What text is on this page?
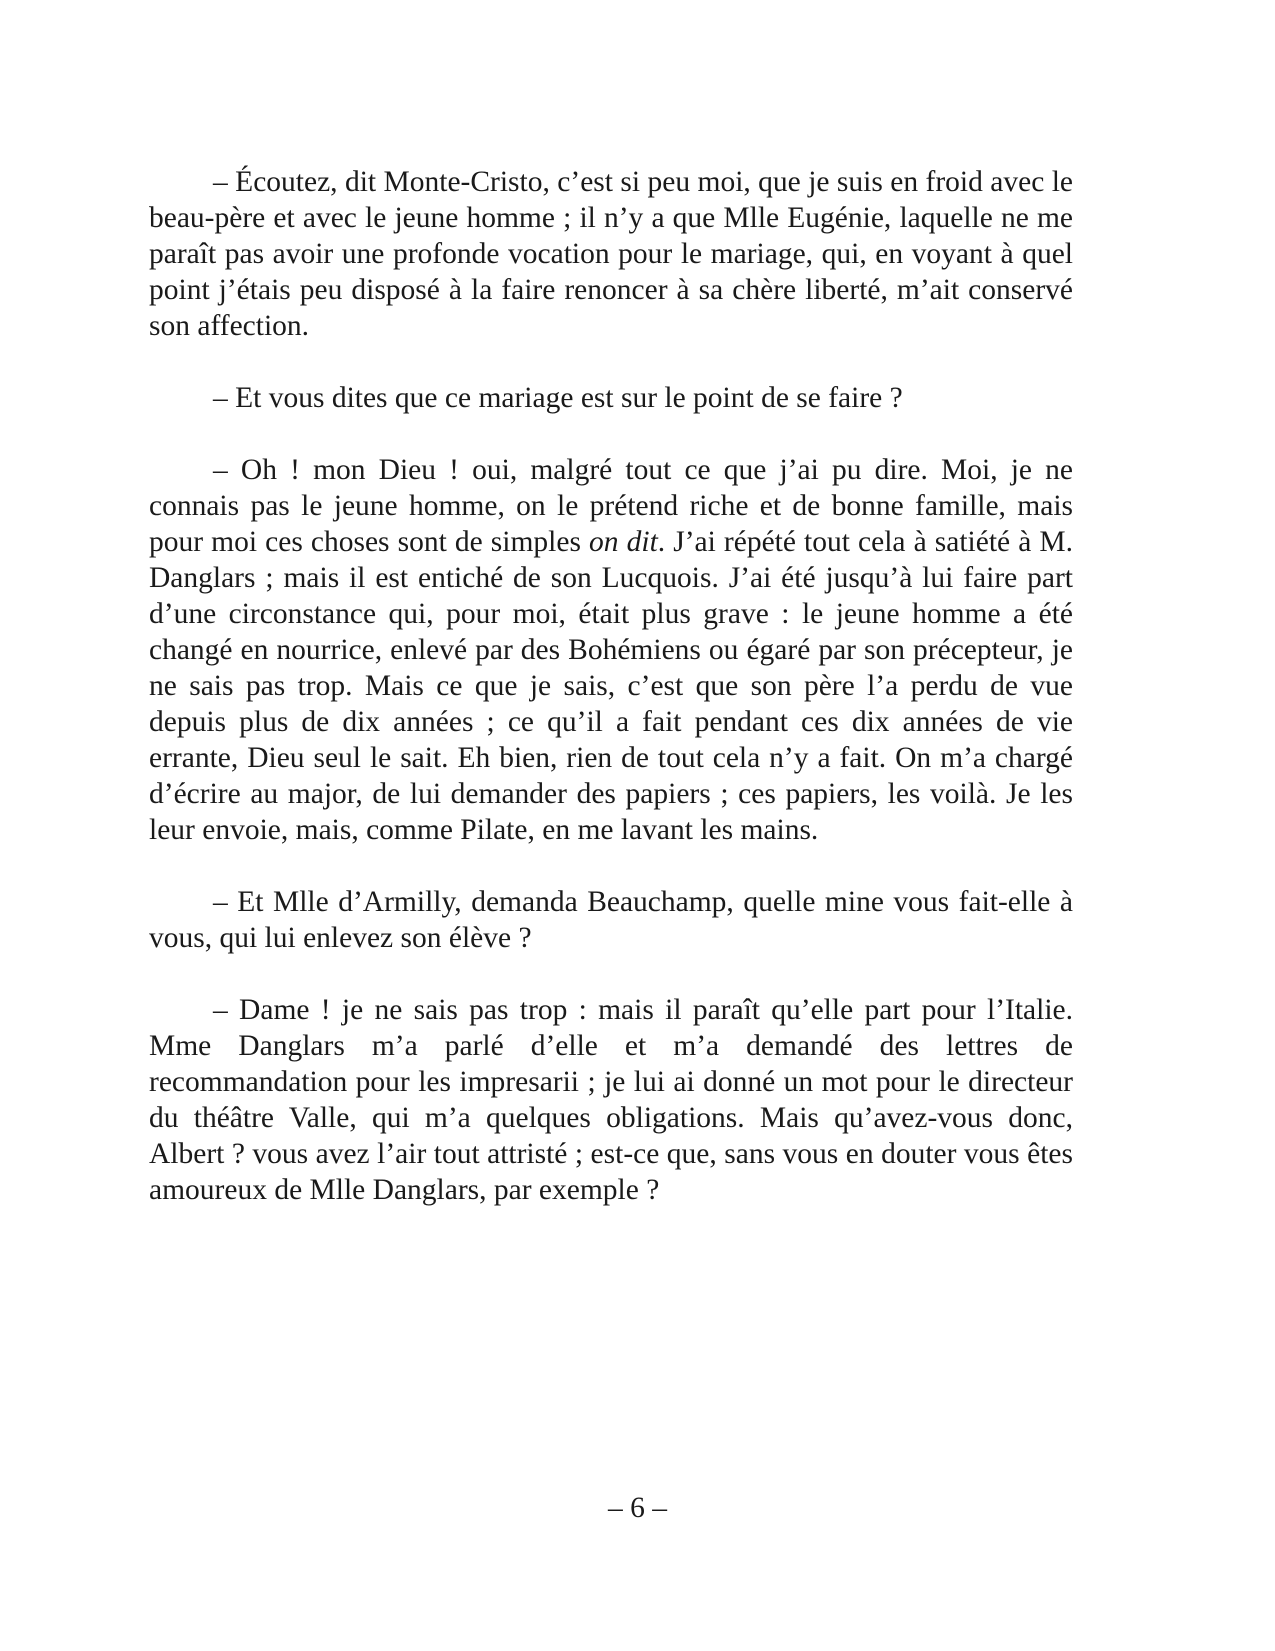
– Écoutez, dit Monte-Cristo, c’est si peu moi, que je suis en froid avec le beau-père et avec le jeune homme ; il n’y a que Mlle Eugénie, laquelle ne me paraît pas avoir une profonde vocation pour le mariage, qui, en voyant à quel point j’étais peu disposé à la faire renoncer à sa chère liberté, m’ait conservé son affection.

– Et vous dites que ce mariage est sur le point de se faire ?

– Oh ! mon Dieu ! oui, malgré tout ce que j’ai pu dire. Moi, je ne connais pas le jeune homme, on le prétend riche et de bonne famille, mais pour moi ces choses sont de simples on dit. J’ai répété tout cela à satiété à M. Danglars ; mais il est entiché de son Lucquois. J’ai été jusqu’à lui faire part d’une circonstance qui, pour moi, était plus grave : le jeune homme a été changé en nourrice, enlevé par des Bohémiens ou égaré par son précepteur, je ne sais pas trop. Mais ce que je sais, c’est que son père l’a perdu de vue depuis plus de dix années ; ce qu’il a fait pendant ces dix années de vie errante, Dieu seul le sait. Eh bien, rien de tout cela n’y a fait. On m’a chargé d’écrire au major, de lui demander des papiers ; ces papiers, les voilà. Je les leur envoie, mais, comme Pilate, en me lavant les mains.

– Et Mlle d’Armilly, demanda Beauchamp, quelle mine vous fait-elle à vous, qui lui enlevez son élève ?

– Dame ! je ne sais pas trop : mais il paraît qu’elle part pour l’Italie. Mme Danglars m’a parlé d’elle et m’a demandé des lettres de recommandation pour les impresarii ; je lui ai donné un mot pour le directeur du théâtre Valle, qui m’a quelques obligations. Mais qu’avez-vous donc, Albert ? vous avez l’air tout attristé ; est-ce que, sans vous en douter vous êtes amoureux de Mlle Danglars, par exemple ?

– 6 –
